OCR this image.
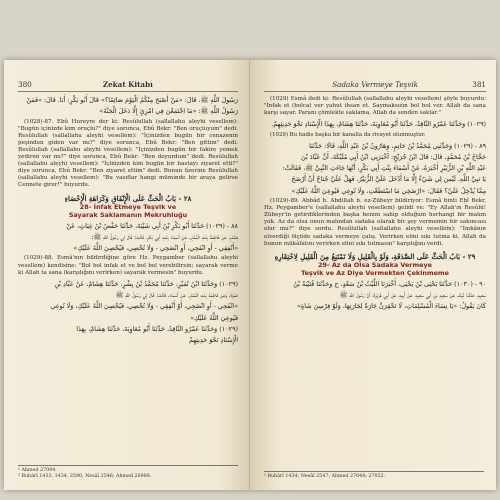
380	Zekat Kitabı
رَسُولَ اللَّهِ ﷺ، قَالَ: «مَنْ أَصْبَحَ مِنْكُمُ الْيَوْمَ صَائِمًا؟» قَالَ أَبُو بَكْرٍ: أَنَا. قَالَ: «فَمَنْ
رَسُولُ اللَّهِ ﷺ: «مَا اجْتَمَعْنَ فِي امْرِئٍ إِلَّا دَخَلَ الْجَنَّةَ»
(1028)-87. Ebû Hureyre der ki: Resûlullah (sallallahu aleyhi vesellem): "Bugün içinizde kim oruçlu?" diye sorunca, Ebû Bekr: "Ben oruçluyum" dedi. Resûlullah (sallallahu aleyhi vesellem): "İçinizden bugün bir cenazenin peşinden giden var mı?" diye sorunca, Ebû Bekr: "Ben gittim" dedi. Resûlullah (sallallahu aleyhi vesellem): "İçinizden bugün bir fakire yemek yediren var mı?" diye sorunca, Ebû Bekr: "Ben doyurdum" dedi. Resûlullah (sallallahu aleyhi vesellem): "İçinizden kim bugün bir hastayı ziyaret etti?" diye sorunca, Ebû Bekr: "Ben ziyaret ettim" dedi. Bunun üzerine Resûlullah (sallallahu aleyhi vesellem): "Bu vasıflar hangi müminde bir araya gelirse Cennete girer!" buyurdu.
٢٨ - بَابُ الْحَثِّ عَلَى الْإِنْفَاقِ وَكَرَاهَةِ الْإِحْصَاءِ
28- İnfak Etmeye Teşvik ve
Sayarak Saklamanın Mekruhluğu
٨٨ - (١٠٢٩) حَدَّثَنَا أَبُو بَكْرِ بْنُ أَبِي شَيْبَةَ، حَدَّثَنَا حَفْصُ بْنُ غِيَاثٍ، عَنْ
هِشَامٍ، عَنْ فَاطِمَةَ بِنْتِ الْمُنْذِرِ، عَنْ أَسْمَاءَ بِنْتِ أَبِي بَكْرٍ، قَالَتْ: قَالَ لِي رَسُولُ اللَّهِ ﷺ:
«أَنْفِقِي - أَوِ انْفَحِي، أَوِ انْضَحِي - وَلَا تُحْصِي، فَيُحْصِيَ اللَّهُ عَلَيْكِ»
(1029)-88. Esmâ'nın bildirdiğine göre Hz. Peygamber (sallallahu aleyhi vesellem) kendisine: "Bol bol infak et ve bol bol verebilirsin; sayarak verme ki Allah ta sana (karşılığını verirken) sayarak vermesin" buyurdu.
(١٠٢٩) وَحَدَّثَنَا ابْنُ نُمَيْرٍ، حَدَّثَنَا مُحَمَّدُ بْنُ بِشْرٍ، حَدَّثَنَا هِشَامٌ، عَنْ عَبَّادِ بْنِ
حَمْزَةَ، وَعَنْ فَاطِمَةَ بِنْتِ الْمُنْذِرِ، عَنْ أَسْمَاءَ، قَالَتْ: قَالَ لِي رَسُولُ اللَّهِ ﷺ
«انْفَحِي - أَوِ انْضَحِي، أَوْ أَنْفِقِي - وَلَا تُحْصِي، فَيُحْصِيَ اللَّهُ عَلَيْكِ، وَلَا تُوعِي
فَيُوعِيَ اللَّهُ عَلَيْكِ»
(١٠٢٩) وَحَدَّثَنَا عَمْرٌو النَّاقِدُ، حَدَّثَنَا أَبُو مُعَاوِيَةَ، حَدَّثَنَا هِشَامٌ، بِهَذَا
الْإِسْنَادِ نَحْوَ حَدِيثِهِمْ
¹ Ahmed 27094.
² Buhârî 1433, 1434, 2590; Nesâî 2546; Ahmed 26988.
Sadaka Vermeye Teşvik	381
(1029) Esmâ dedi ki: Resûlullah (sallallahu aleyhi vesellem) şöyle buyurdu: "İnfak et (bolca) ver yahut ihsan et. Saymaksızın bol bol ver. Allah da sana karşı sayar. Paranı çömlekte saklama, Allah da senden saklar."
(١٠٢٩) وَحَدَّثَنَا عَمْرٌو النَّاقِدُ، حَدَّثَنَا أَبُو مُعَاوِيَةَ، حَدَّثَنَا هِشَامٌ، بِهَذَا الْإِسْنَادِ نَحْوَ حَدِيثِهِمْ.
(1029) Bu hadis başka bir kanalla da rivayet olunmuştur.
٨٩ - (١٠٢٩) وَحَدَّثَنِي مُحَمَّدُ بْنُ حَاتِمٍ، وَهَارُونُ بْنُ عَبْدِ اللَّهِ، قَالَا: حَدَّثَنَا
حَجَّاجُ بْنُ مُحَمَّدٍ، قَالَ: قَالَ ابْنُ جُرَيْجٍ: أَخْبَرَنِي ابْنُ أَبِي مُلَيْكَةَ، أَنَّ عَبَّادَ بْنَ
عَبْدِ اللَّهِ بْنِ الزُّبَيْرِ أَخْبَرَهُ، عَنْ أَسْمَاءَ بِنْتِ أَبِي بَكْرٍ، أَنَّهَا جَاءَتِ النَّبِيَّ ﷺ، فَقَالَتْ:
يَا نَبِيَّ اللَّهِ، لَيْسَ لِي شَيْءٌ إِلَّا مَا أَدْخَلَ عَلَيَّ الزُّبَيْرُ، فَهَلْ عَلَيَّ جُنَاحٌ أَنْ أَرْضَخَ
مِمَّا يُدْخِلُ عَلَيَّ؟ فَقَالَ: «ارْضَخِي مَا اسْتَطَعْتِ، وَلَا تُوعِي فَيُوعِيَ اللَّهُ عَلَيْكِ»
(1029)-89. Abbâd b. Abdillah b. ez-Zübeyr bildiriyor: Esmâ binti Ebî Bekr, Hz. Peygamber'e (sallallahu aleyhi vesellem) gelidi ve: "Ey Allah'ın Resûlü! Zübeyr'in getirdiklerinden başka benim sahip olduğum herhangi bir malım yok. Az da olsa onun malından sadaka olarak bir şey vermemin bir sakıncası olur mu?" diye sordu. Resûlullah (sallallahu aleyhi vesellem): "İmkânın elverdiği ölçüde sadaka vermeye çalış. Verirken elini sıkı tutma ki, Allah da bunun mükâfatını verirken elini sıkı tutmasın" karşılığını verdi.
٢٩ - بَابُ الْحَثِّ عَلَى الصَّدَقَةِ، وَلَوْ بِالْقَلِيلِ وَلَا تَمْتَنِعُ مِنَ الْقَلِيلِ لِاحْتِقَارِهِ
29- Az da Olsa Sadaka Vermeye
Teşvik ve Az Diye Vermekten Çekinmeme
٩٠ - (١٠٣٠) حَدَّثَنَا يَحْيَى بْنُ يَحْيَى، أَخْبَرَنَا اللَّيْثُ بْنُ سَعْدٍ، ح وحَدَّثَنَا قُتَيْبَةُ بْنُ
سَعِيدٍ، حَدَّثَنَا لَيْثٌ، عَنْ سَعِيدِ بْنِ أَبِي سَعِيدٍ، عَنْ أَبِيهِ، عَنْ أَبِي هُرَيْرَةَ، أَنَّ رَسُولَ اللَّهِ ﷺ
كَانَ يَقُولُ: «يَا نِسَاءَ الْمُسْلِمَاتِ، لَا تَحْقِرَنَّ جَارَةٌ لِجَارَتِهَا، وَلَوْ فِرْسِنَ شَاةٍ»
¹ Buhârî 1434; Nesâî 2547; Ahmed 27048; 27052.
